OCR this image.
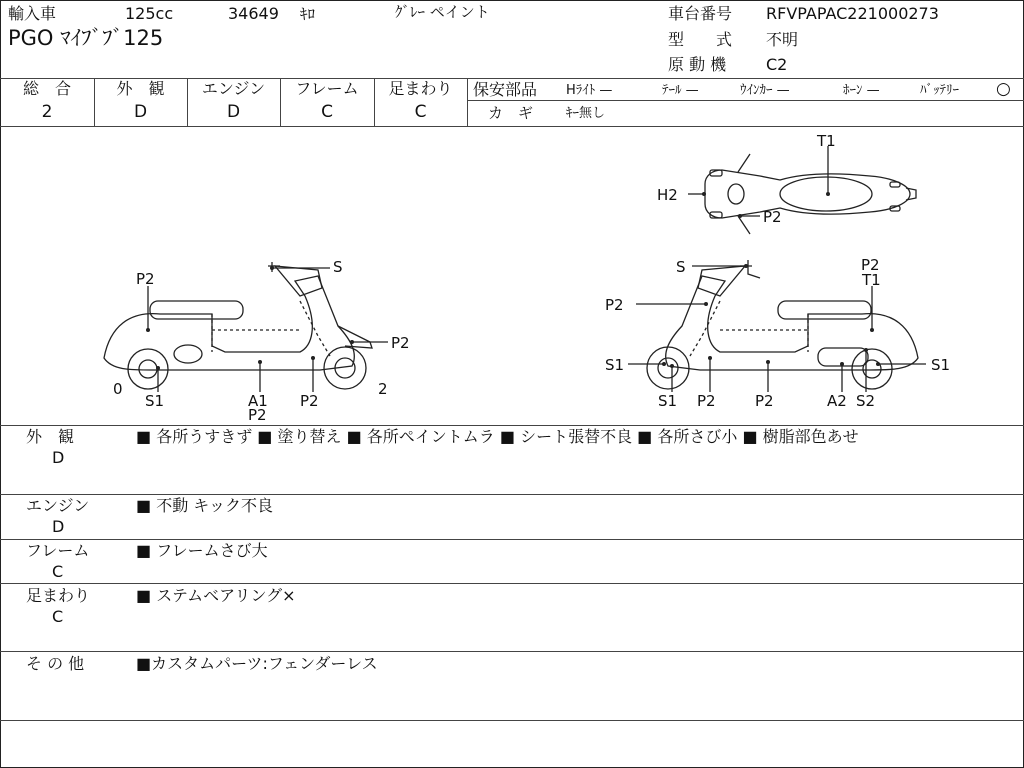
輸入車	125cc	34649 ｷﾛ	ｸﾞﾚｰ ペイント
PGO ﾏｲﾌﾞﾌﾞ125
車台番号 RFVPAPAC221000273
型　　式 不明
原 動 機 C2
総　合
2
外　観
D
エンジン
D
フレーム
C
足まわり
C
保安部品 Hﾗｲﾄ —	ﾃｰﾙ —	ｳｲﾝｶｰ —	ﾎｰﾝ —	ﾊﾞｯﾃﾘｰ ○
カ　ギ	ｷｰ無し
P2
S
P2
0	2
S1	A1
P2
P2
S	P2
T1
P2
S1
S1 P2	P2	A2 S2
S1
T1
H2
P2
外　観
D
■ 各所うすきず ■ 塗り替え ■ 各所ペイントムラ ■ シート張替不良 ■ 各所さび小 ■ 樹脂部色あせ
エンジン
D
■ 不動 キック不良
フレーム
C
■ フレームさび大
足まわり
C
■ ステムベアリング×
そ の 他	■カスタムパーツ:フェンダーレス
